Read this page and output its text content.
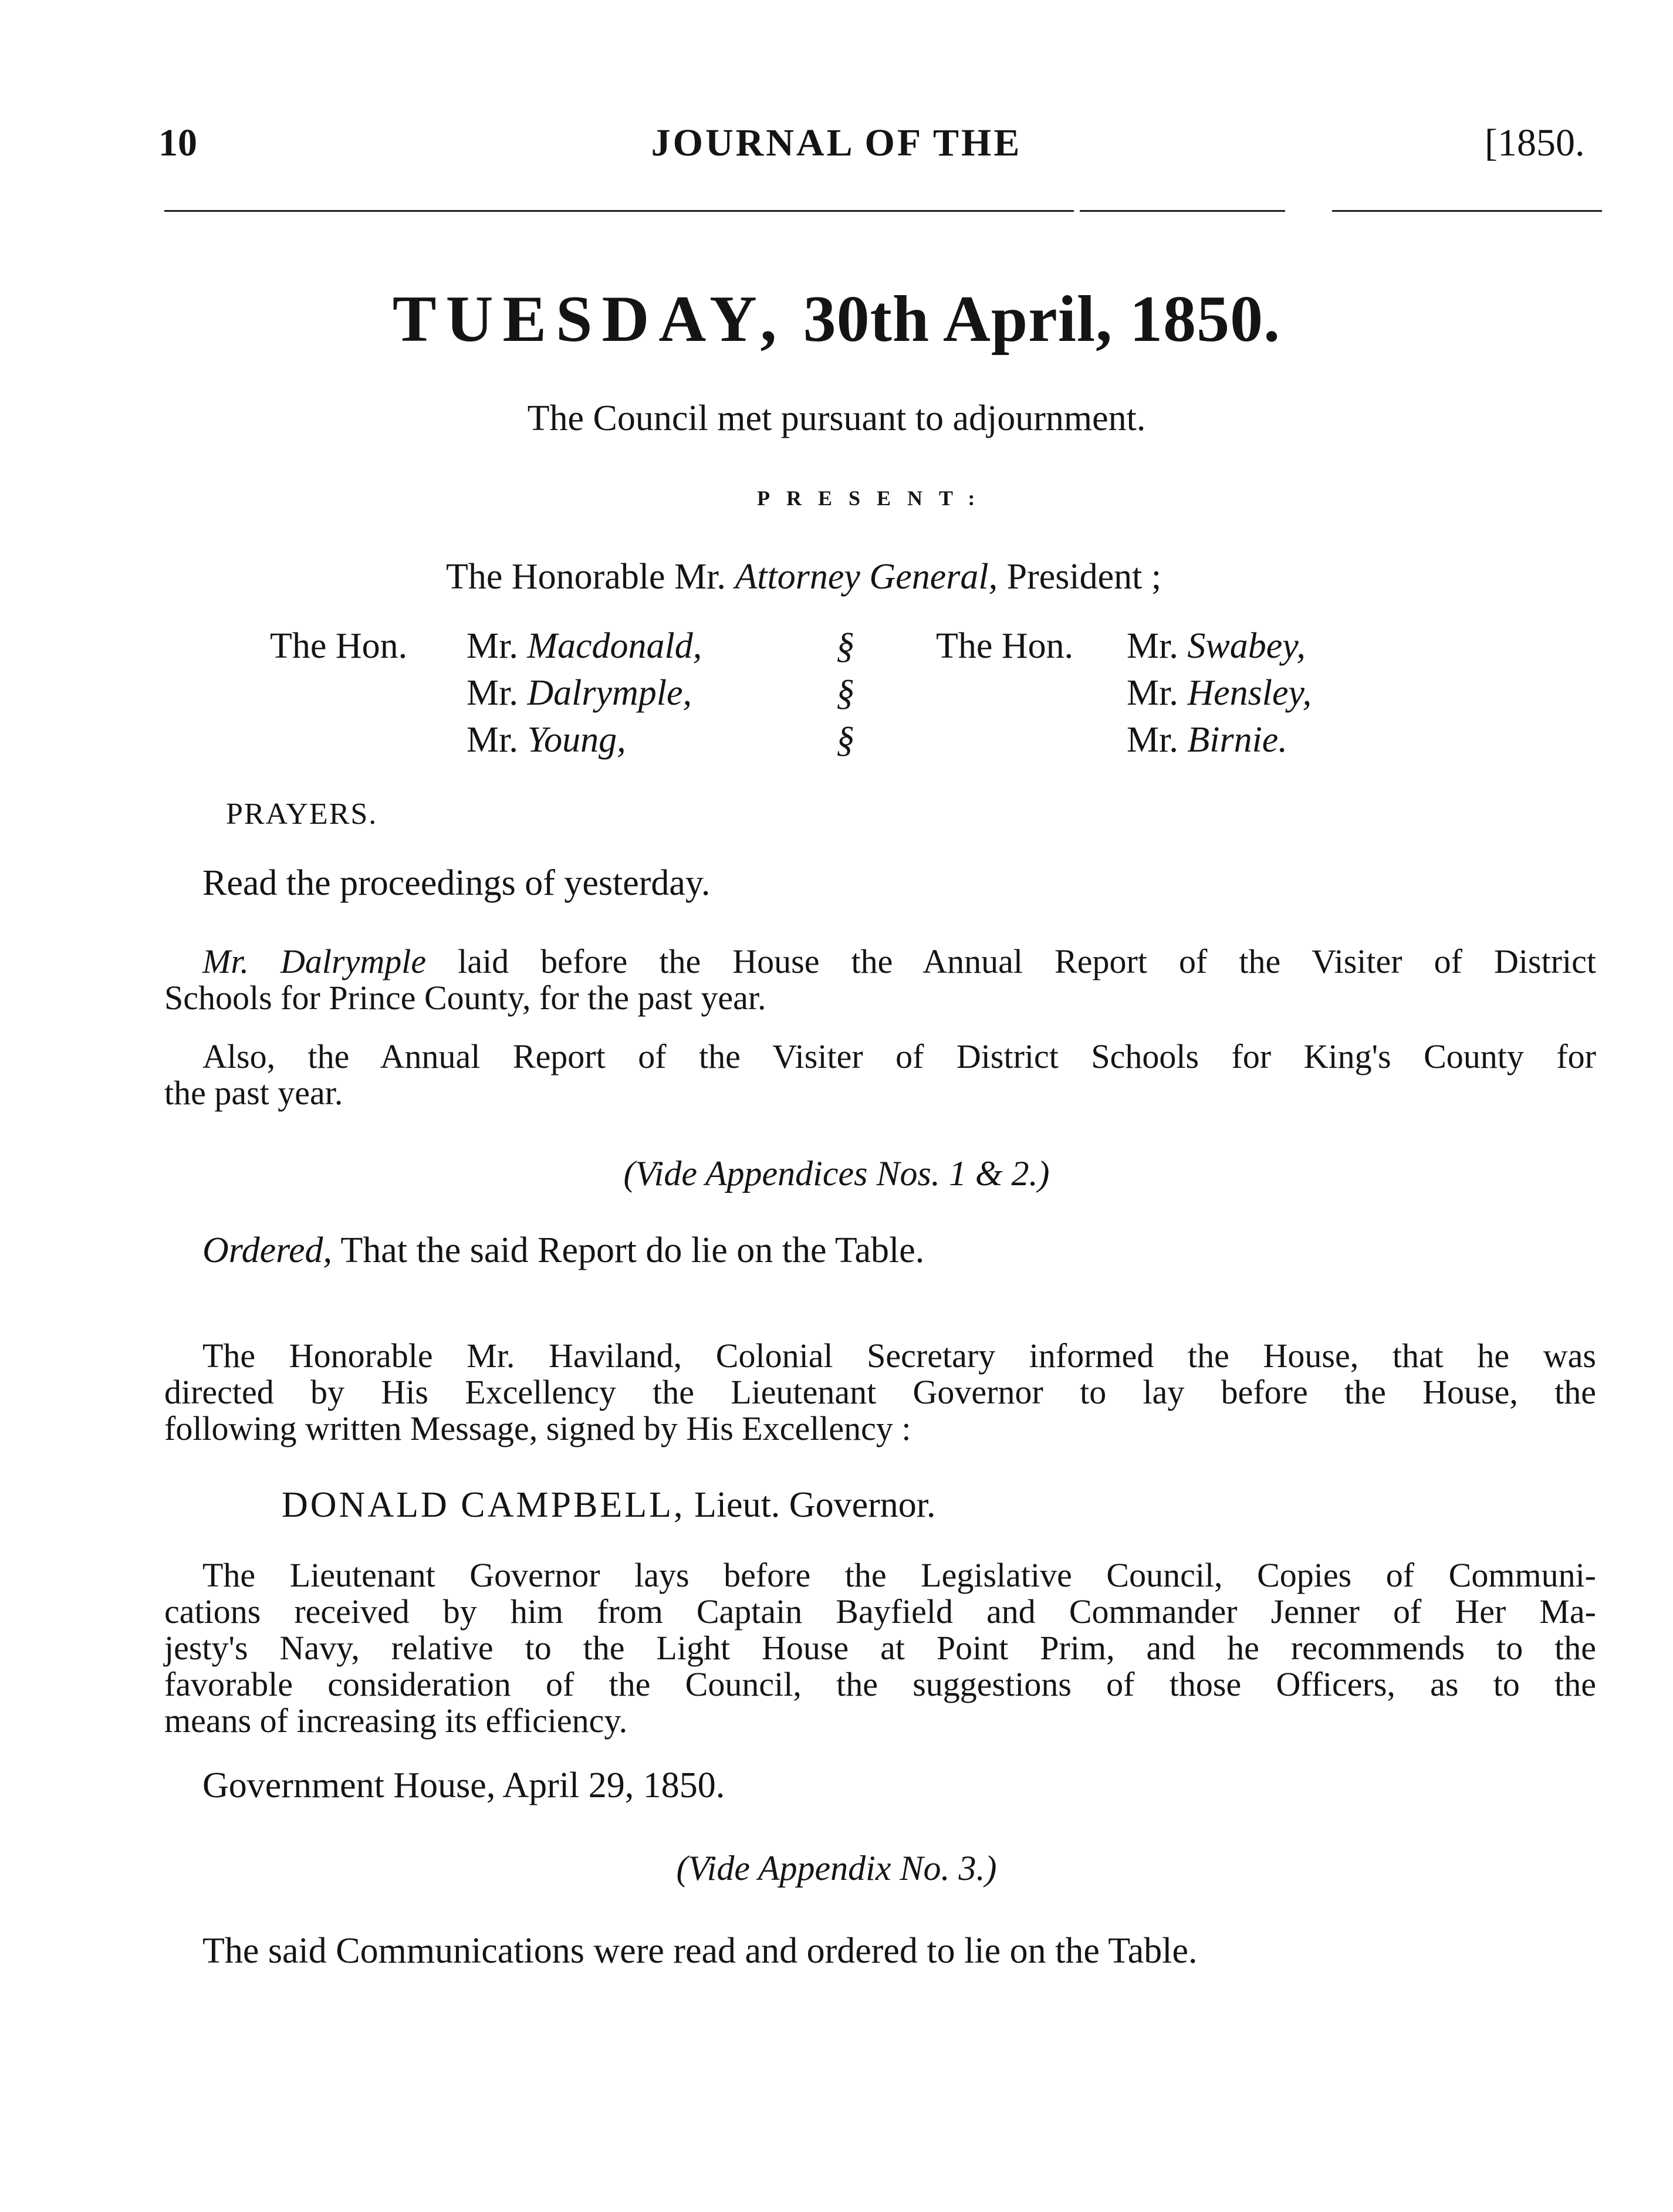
10	JOURNAL OF THE	[1850.
TUESDAY, 30th April, 1850.
The Council met pursuant to adjournment.
PRESENT:
The Honorable Mr. Attorney General, President ;
The Hon. Mr. Macdonald,
Mr. Dalrymple,
Mr. Young,
§
§
§
The Hon. Mr. Swabey,
Mr. Hensley,
Mr. Birnie.
PRAYERS.
Read the proceedings of yesterday.
Mr. Dalrymple laid before the House the Annual Report of the Visiter of District
Schools for Prince County, for the past year.
Also, the Annual Report of the Visiter of District Schools for King's County for
the past year.
(Vide Appendices Nos. 1 & 2.)
Ordered, That the said Report do lie on the Table.
The Honorable Mr. Haviland, Colonial Secretary informed the House, that he was
directed by His Excellency the Lieutenant Governor to lay before the House, the
following written Message, signed by His Excellency :
DONALD CAMPBELL, Lieut. Governor.
The Lieutenant Governor lays before the Legislative Council, Copies of Communi-
cations received by him from Captain Bayfield and Commander Jenner of Her Ma-
jesty's Navy, relative to the Light House at Point Prim, and he recommends to the
favorable consideration of the Council, the suggestions of those Officers, as to the
means of increasing its efficiency.
Government House, April 29, 1850.
(Vide Appendix No. 3.)
The said Communications were read and ordered to lie on the Table.
